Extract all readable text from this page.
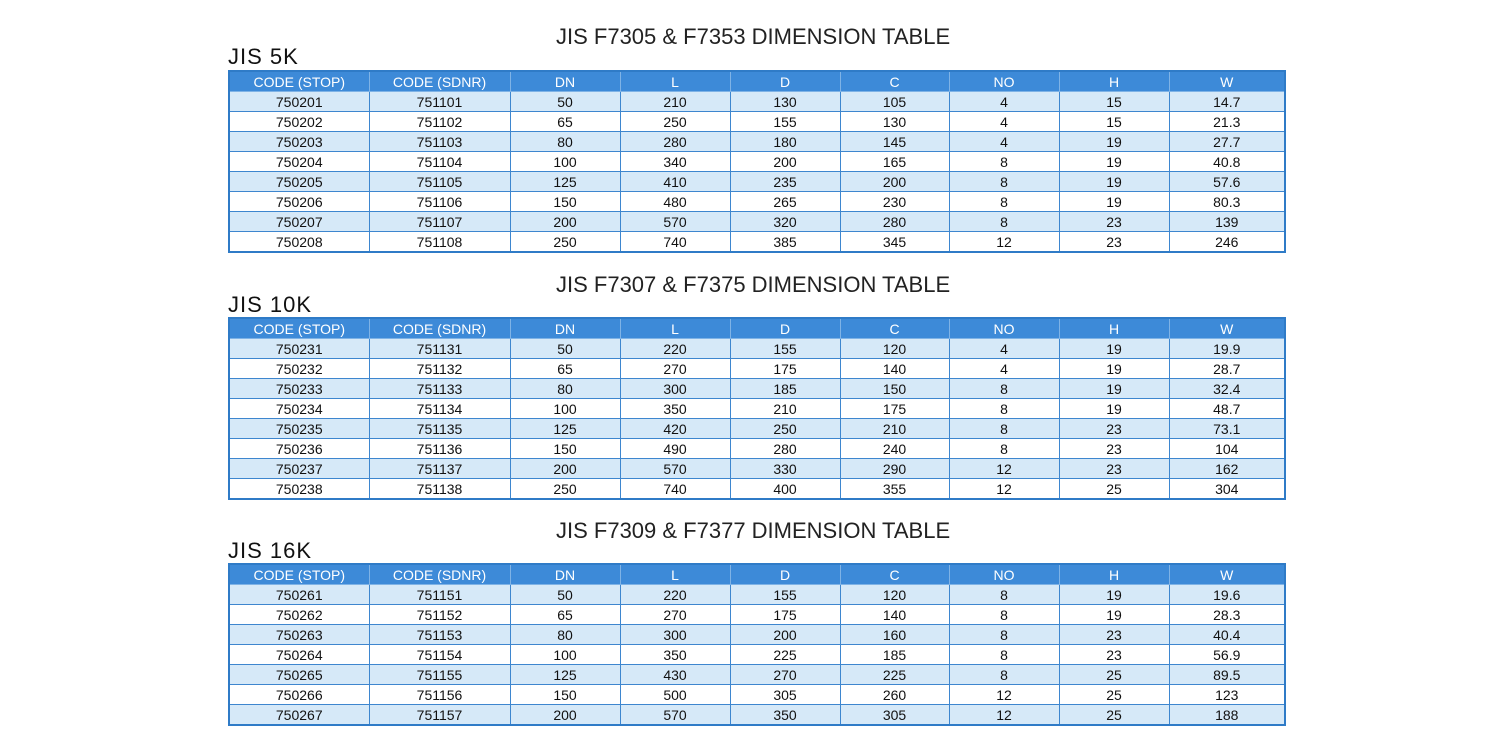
JIS F7305 & F7353 DIMENSION TABLE
JIS 5K
CODE (STOP)	CODE (SDNR)	DN	L	D	C	NO	H	W
750201	751101	50	210	130	105	4	15	14.7
750202	751102	65	250	155	130	4	15	21.3
750203	751103	80	280	180	145	4	19	27.7
750204	751104	100	340	200	165	8	19	40.8
750205	751105	125	410	235	200	8	19	57.6
750206	751106	150	480	265	230	8	19	80.3
750207	751107	200	570	320	280	8	23	139
750208	751108	250	740	385	345	12	23	246
JIS F7307 & F7375 DIMENSION TABLE
JIS 10K
CODE (STOP)	CODE (SDNR)	DN	L	D	C	NO	H	W
750231	751131	50	220	155	120	4	19	19.9
750232	751132	65	270	175	140	4	19	28.7
750233	751133	80	300	185	150	8	19	32.4
750234	751134	100	350	210	175	8	19	48.7
750235	751135	125	420	250	210	8	23	73.1
750236	751136	150	490	280	240	8	23	104
750237	751137	200	570	330	290	12	23	162
750238	751138	250	740	400	355	12	25	304
JIS F7309 & F7377 DIMENSION TABLE
JIS 16K
CODE (STOP)	CODE (SDNR)	DN	L	D	C	NO	H	W
750261	751151	50	220	155	120	8	19	19.6
750262	751152	65	270	175	140	8	19	28.3
750263	751153	80	300	200	160	8	23	40.4
750264	751154	100	350	225	185	8	23	56.9
750265	751155	125	430	270	225	8	25	89.5
750266	751156	150	500	305	260	12	25	123
750267	751157	200	570	350	305	12	25	188
